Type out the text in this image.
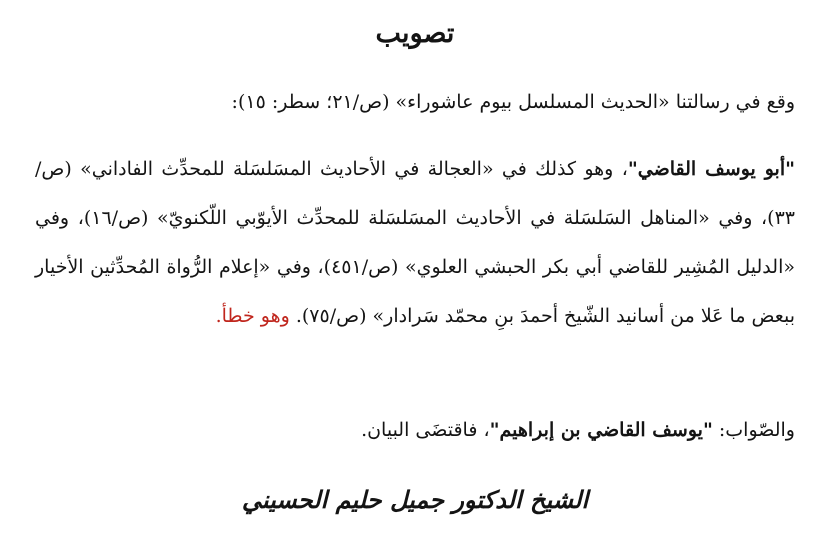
تصويب
وقع في رسالتنا «الحديث المسلسل بيوم عاشوراء» (ص/٢١؛ سطر: ١٥):
"أبو يوسف القاضي"، وهو كذلك في «العجالة في الأحاديث المسَلسَلة للمحدِّث الفاداني» (ص/٣٣)، وفي «المناهل السَلسَلة في الأحاديث المسَلسَلة للمحدِّث الأيوّبي اللّكنويّ» (ص/١٦)، وفي «الدليل المُشِير للقاضي أبي بكر الحبشي العلوي» (ص/٤٥١)، وفي «إعلام الرُّواة المُحدِّثين الأخيار ببعض ما عَلا من أسانيد الشّيخ أحمدَ بنِ محمّد سَرادار» (ص/٧٥). وهو خطأ.
والصّواب: "يوسف القاضي بن إبراهيم"، فاقتضَى البيان.
الشيخ الدكتور جميل حليم الحسيني
